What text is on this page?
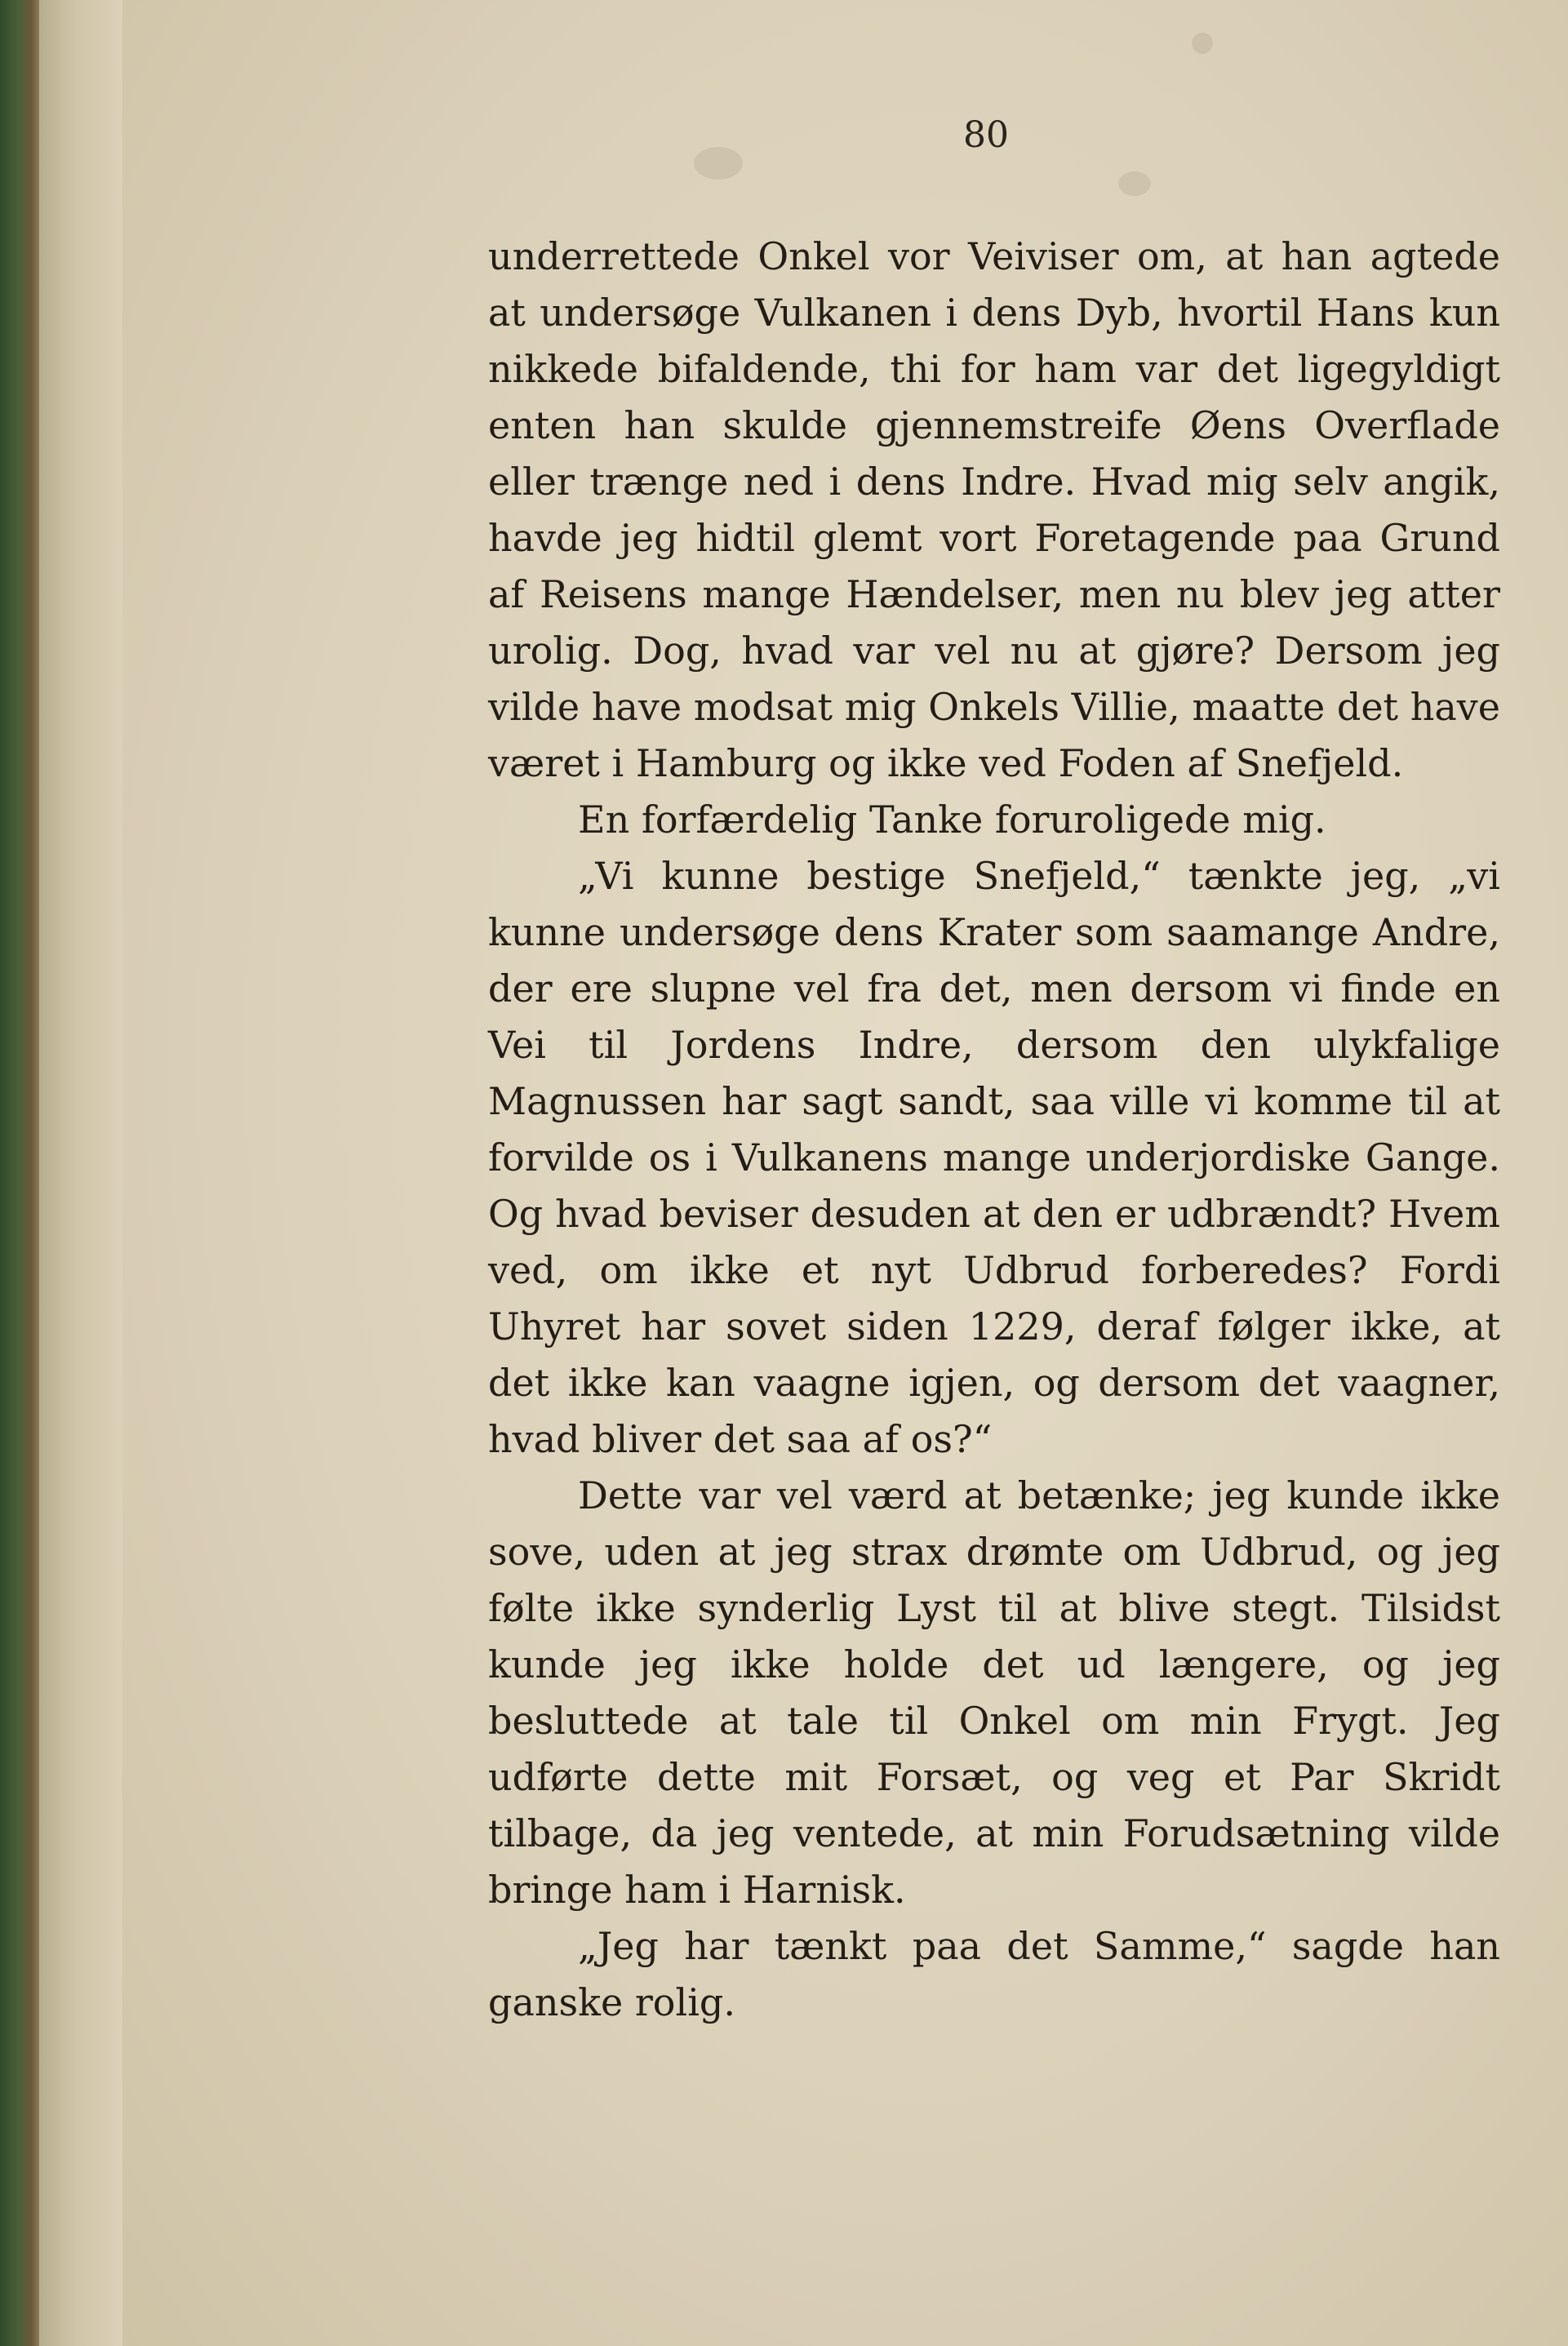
80

underrettede Onkel vor Veiviser om, at han agtede at undersøge Vulkanen i dens Dyb, hvortil Hans kun nikkede bifaldende, thi for ham var det ligegyldigt enten han skulde gjennemstreife Øens Overflade eller trænge ned i dens Indre. Hvad mig selv angik, havde jeg hidtil glemt vort Foretagende paa Grund af Reisens mange Hændelser, men nu blev jeg atter urolig. Dog, hvad var vel nu at gjøre? Dersom jeg vilde have modsat mig Onkels Villie, maatte det have været i Hamburg og ikke ved Foden af Snefjeld.

En forfærdelig Tanke foruroligede mig.

„Vi kunne bestige Snefjeld,“ tænkte jeg, „vi kunne undersøge dens Krater som saamange Andre, der ere slupne vel fra det, men dersom vi finde en Vei til Jordens Indre, dersom den ulykfalige Magnussen har sagt sandt, saa ville vi komme til at forvilde os i Vulkanens mange underjordiske Gange. Og hvad beviser desuden at den er udbrændt? Hvem ved, om ikke et nyt Udbrud forberedes? Fordi Uhyret har sovet siden 1229, deraf følger ikke, at det ikke kan vaagne igjen, og dersom det vaagner, hvad bliver det saa af os?“

Dette var vel værd at betænke; jeg kunde ikke sove, uden at jeg strax drømte om Udbrud, og jeg følte ikke synderlig Lyst til at blive stegt. Tilsidst kunde jeg ikke holde det ud længere, og jeg besluttede at tale til Onkel om min Frygt. Jeg udførte dette mit Forsæt, og veg et Par Skridt tilbage, da jeg ventede, at min Forudsætning vilde bringe ham i Harnisk.

„Jeg har tænkt paa det Samme,“ sagde han ganske rolig.
